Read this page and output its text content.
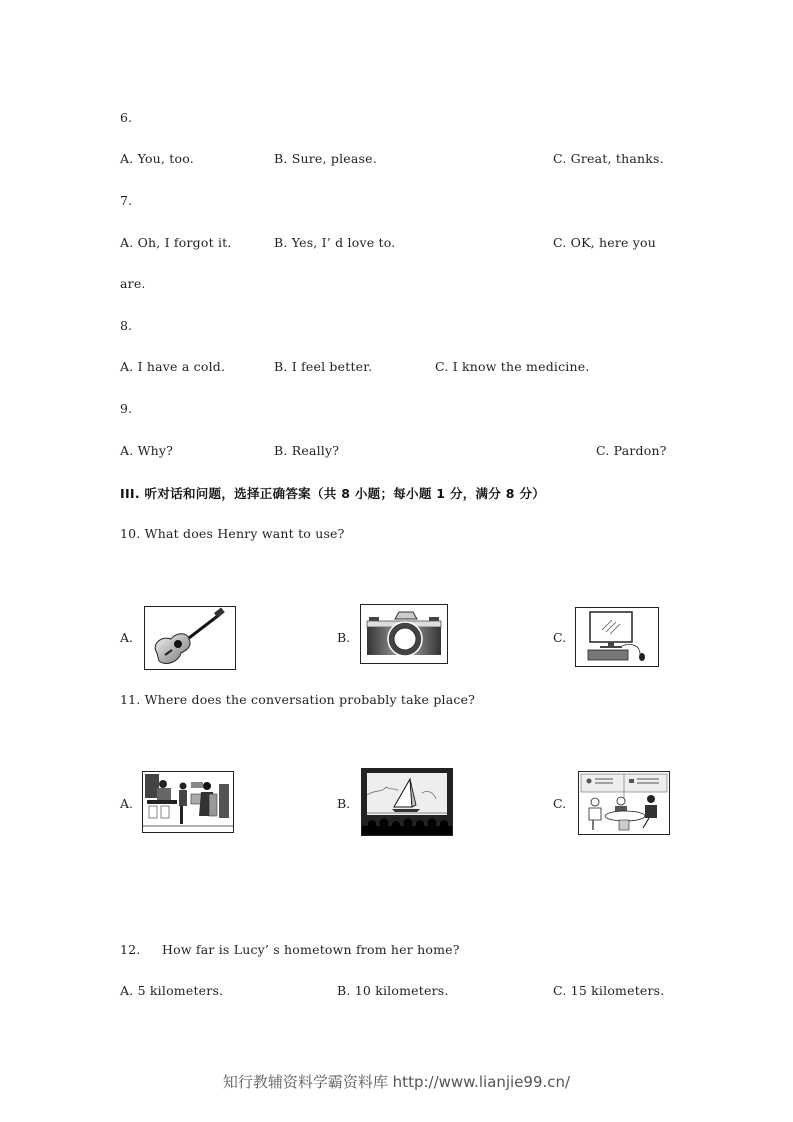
6.
A. You, too.	B. Sure, please.	C. Great, thanks.
7.
A. Oh, I forgot it.	B. Yes, I’ d love to.	C. OK, here you
are.
8.
A. I have a cold.	B. I feel better.	C. I know the medicine.
9.
A. Why?	B. Really?	C. Pardon?
III. 听对话和问题，选择正确答案（共 8 小题；每小题 1 分，满分 8 分）
10. What does Henry want to use?
A.	B.	C.
11. Where does the conversation probably take place?
A.	B.	C.
12. How far is Lucy’ s hometown from her home?
A. 5 kilometers.	B. 10 kilometers.	C. 15 kilometers.
知行教辅资料学霸资料库 http://www.lianjie99.cn/
